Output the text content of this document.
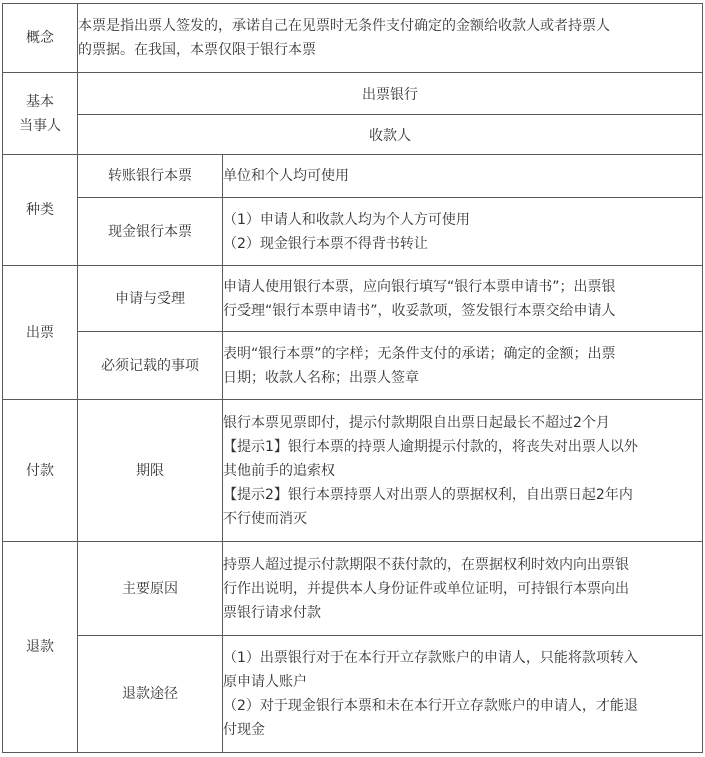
概念	本票是指出票人签发的，承诺自己在见票时无条件支付确定的金额给收款人或者持票人
的票据。在我国，本票仅限于银行本票	

基本
当事人	出票银行	
	收款人	
种类	转账银行本票	单位和个人均可使用

	现金银行本票	（1）申请人和收款人均为个人方可使用
（2）现金银行本票不得背书转让

出票	申请与受理	申请人使用银行本票，应向银行填写“银行本票申请书”；出票银
行受理“银行本票申请书”，收妥款项，签发银行本票交给申请人

	必须记载的事项	表明“银行本票”的字样；无条件支付的承诺；确定的金额；出票
日期；收款人名称；出票人签章

付款	期限	银行本票见票即付，提示付款期限自出票日起最长不超过2个月
【提示1】银行本票的持票人逾期提示付款的，将丧失对出票人以外
其他前手的追索权
【提示2】银行本票持票人对出票人的票据权利，自出票日起2年内
不行使而消灭

退款	主要原因	持票人超过提示付款期限不获付款的，在票据权利时效内向出票银
行作出说明，并提供本人身份证件或单位证明，可持银行本票向出
票银行请求付款

	退款途径	（1）出票银行对于在本行开立存款账户的申请人，只能将款项转入
原申请人账户
（2）对于现金银行本票和未在本行开立存款账户的申请人，才能退
付现金
